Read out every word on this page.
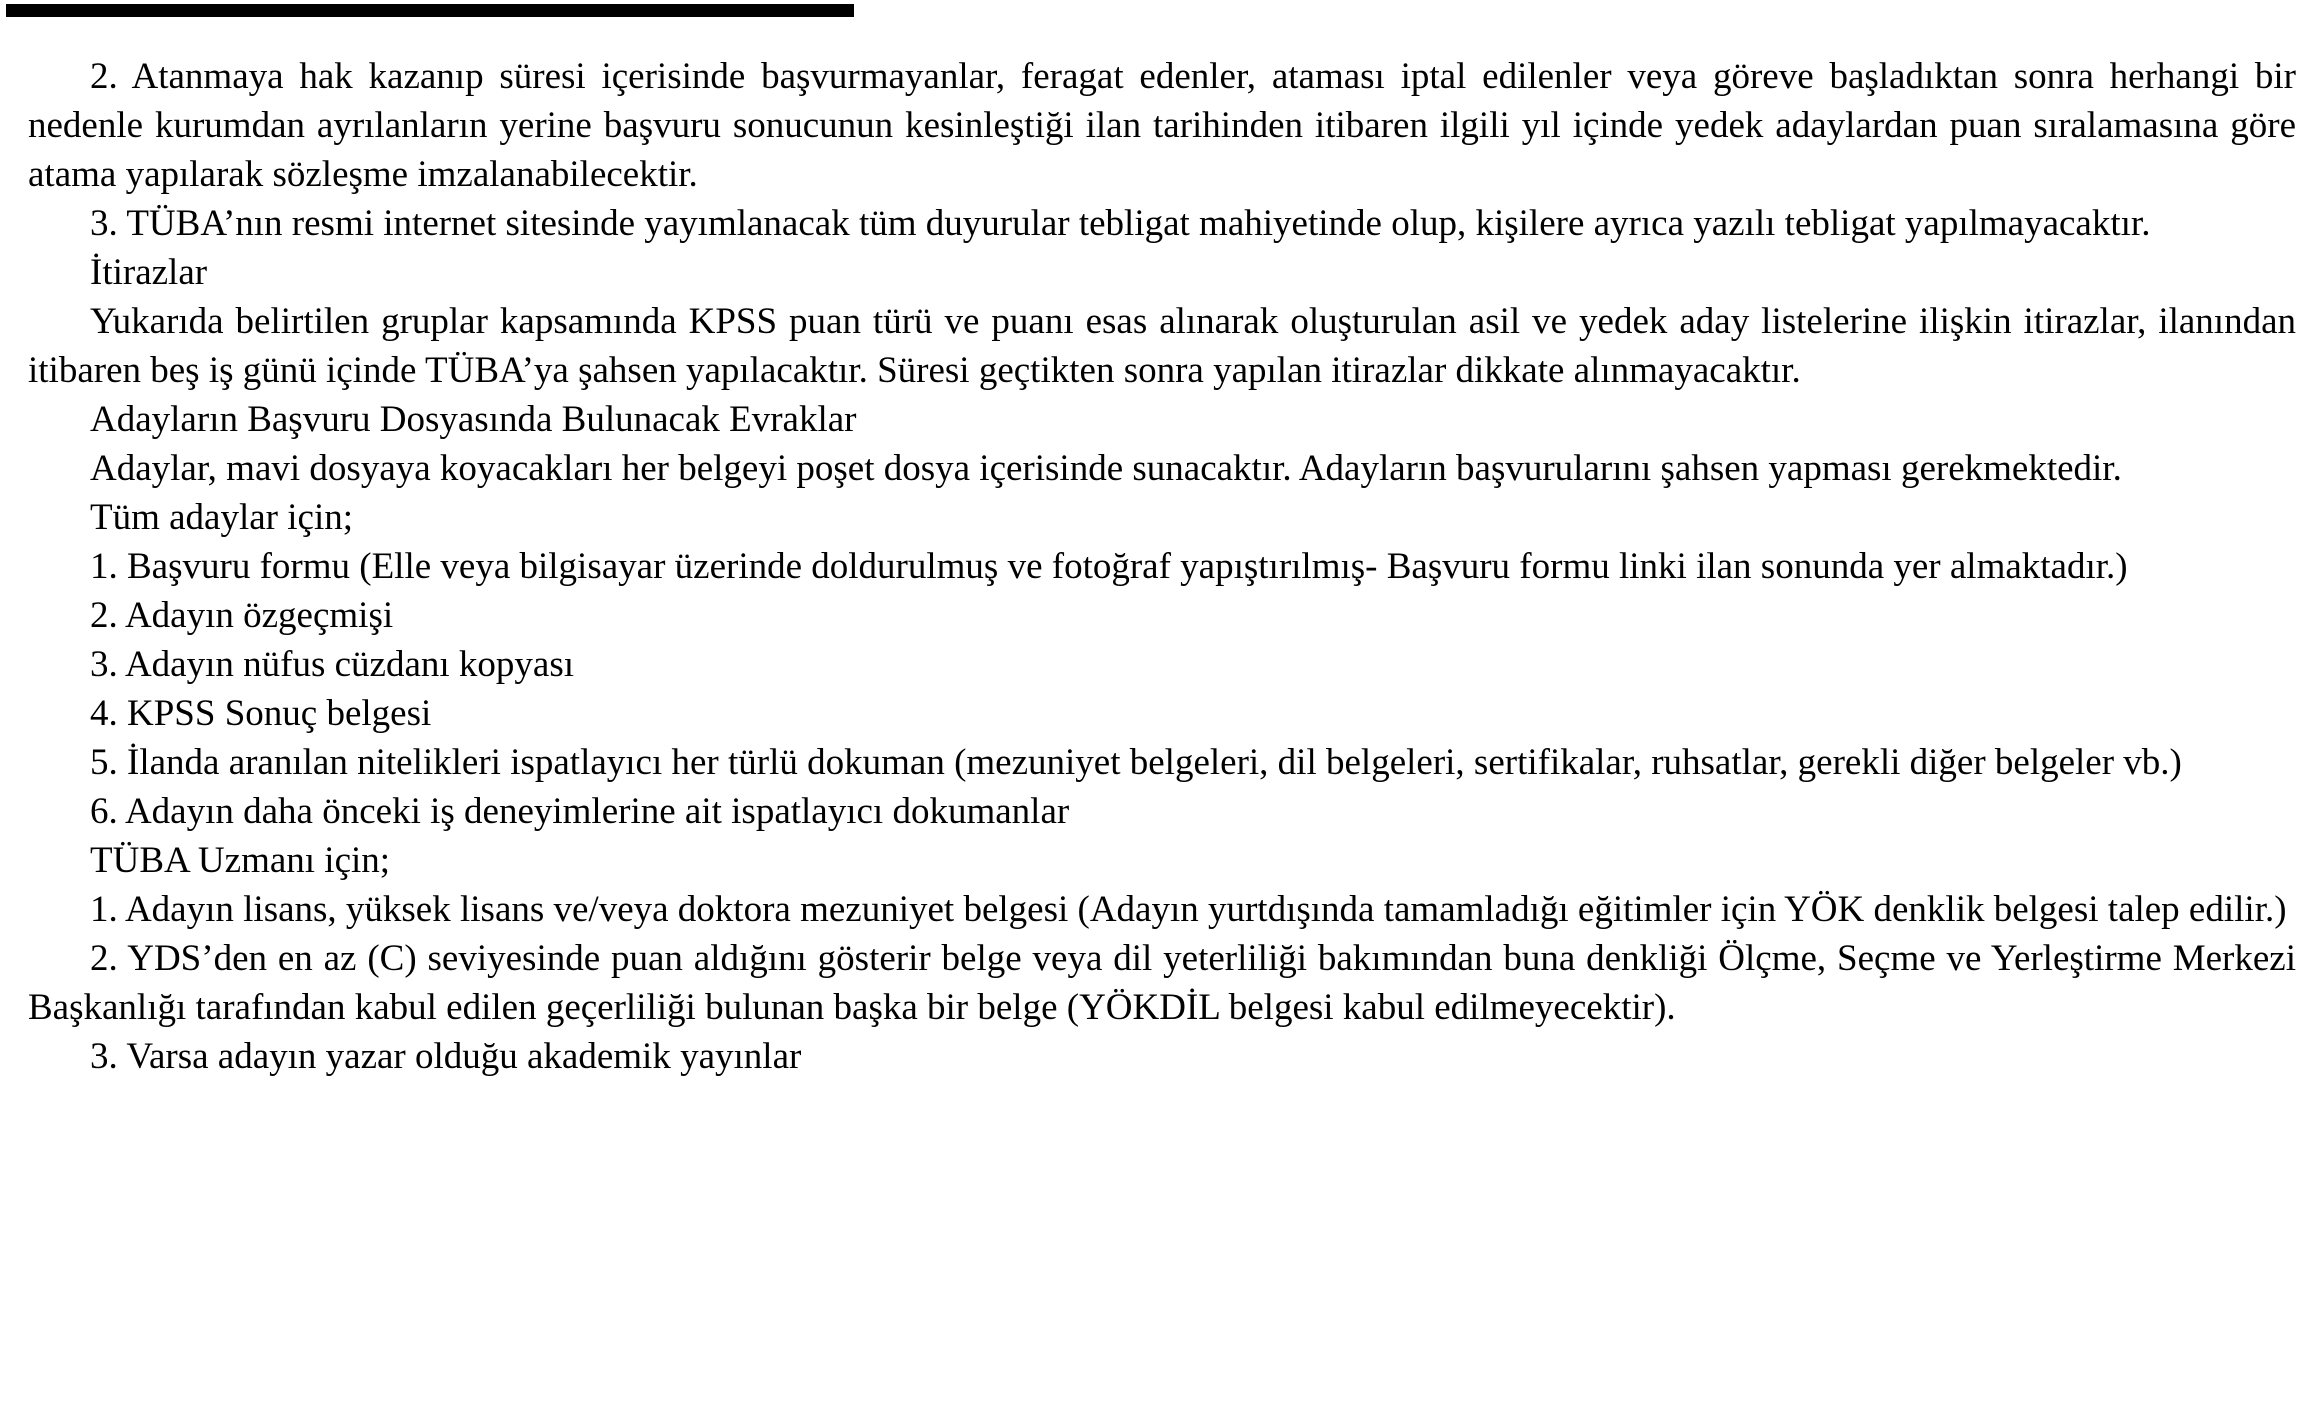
2. Atanmaya hak kazanıp süresi içerisinde başvurmayanlar, feragat edenler, ataması iptal edilenler veya göreve başladıktan sonra herhangi bir nedenle kurumdan ayrılanların yerine başvuru sonucunun kesinleştiği ilan tarihinden itibaren ilgili yıl içinde yedek adaylardan puan sıralamasına göre atama yapılarak sözleşme imzalanabilecektir.

3. TÜBA’nın resmi internet sitesinde yayımlanacak tüm duyurular tebligat mahiyetinde olup, kişilere ayrıca yazılı tebligat yapılmayacaktır.

İtirazlar

Yukarıda belirtilen gruplar kapsamında KPSS puan türü ve puanı esas alınarak oluşturulan asil ve yedek aday listelerine ilişkin itirazlar, ilanından itibaren beş iş günü içinde TÜBA’ya şahsen yapılacaktır. Süresi geçtikten sonra yapılan itirazlar dikkate alınmayacaktır.

Adayların Başvuru Dosyasında Bulunacak Evraklar

Adaylar, mavi dosyaya koyacakları her belgeyi poşet dosya içerisinde sunacaktır. Adayların başvurularını şahsen yapması gerekmektedir.

Tüm adaylar için;

1. Başvuru formu (Elle veya bilgisayar üzerinde doldurulmuş ve fotoğraf yapıştırılmış- Başvuru formu linki ilan sonunda yer almaktadır.)

2. Adayın özgeçmişi

3. Adayın nüfus cüzdanı kopyası

4. KPSS Sonuç belgesi

5. İlanda aranılan nitelikleri ispatlayıcı her türlü dokuman (mezuniyet belgeleri, dil belgeleri, sertifikalar, ruhsatlar, gerekli diğer belgeler vb.)

6. Adayın daha önceki iş deneyimlerine ait ispatlayıcı dokumanlar

TÜBA Uzmanı için;

1. Adayın lisans, yüksek lisans ve/veya doktora mezuniyet belgesi (Adayın yurtdışında tamamladığı eğitimler için YÖK denklik belgesi talep edilir.)

2. YDS’den en az (C) seviyesinde puan aldığını gösterir belge veya dil yeterliliği bakımından buna denkliği Ölçme, Seçme ve Yerleştirme Merkezi Başkanlığı tarafından kabul edilen geçerliliği bulunan başka bir belge (YÖKDİL belgesi kabul edilmeyecektir).

3. Varsa adayın yazar olduğu akademik yayınlar
